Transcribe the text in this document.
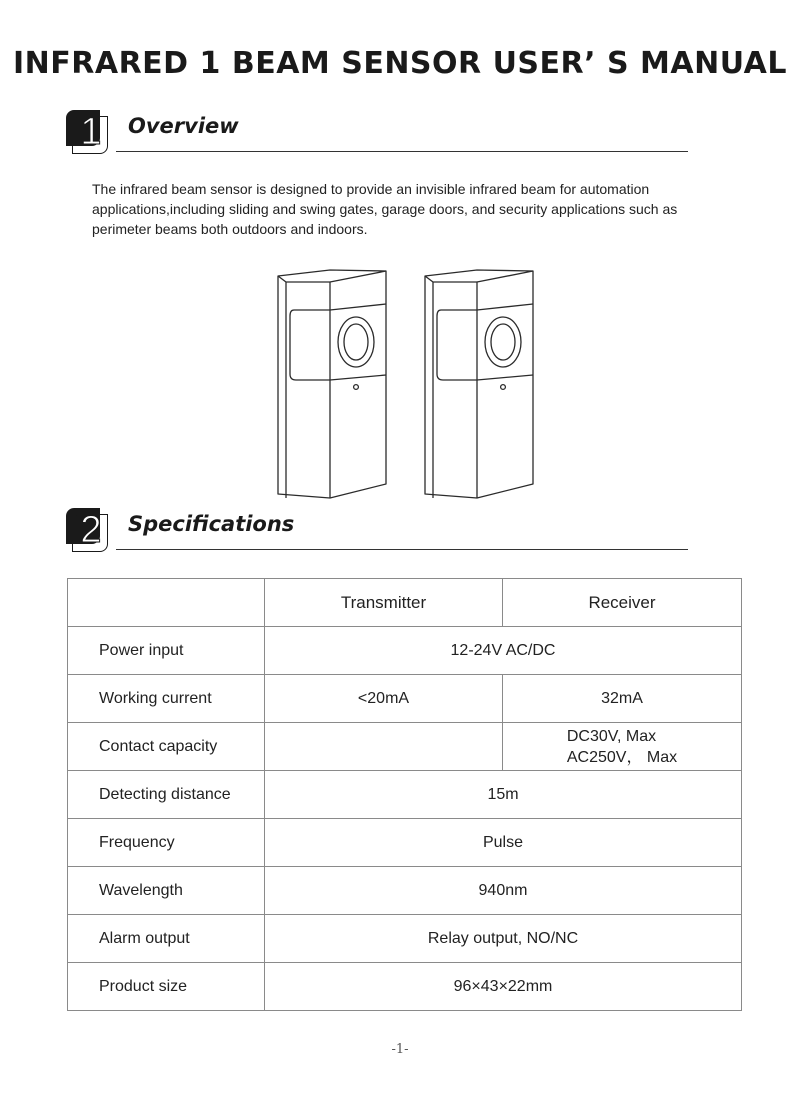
INFRARED 1 BEAM SENSOR USER’ S MANUAL
1 Overview
The infrared beam sensor is designed to provide an invisible infrared beam for automation applications,including sliding and swing gates, garage doors, and security applications such as perimeter beams both outdoors and indoors.
2 Specifications
	Transmitter	Receiver
Power input	12-24V AC/DC	
Working current	<20mA	32mA
Contact capacity		DC30V, Max
AC250V， Max
Detecting distance	15m	
Frequency	Pulse	
Wavelength	940nm	
Alarm output	Relay output, NO/NC	
Product size	96×43×22mm	
-1-
